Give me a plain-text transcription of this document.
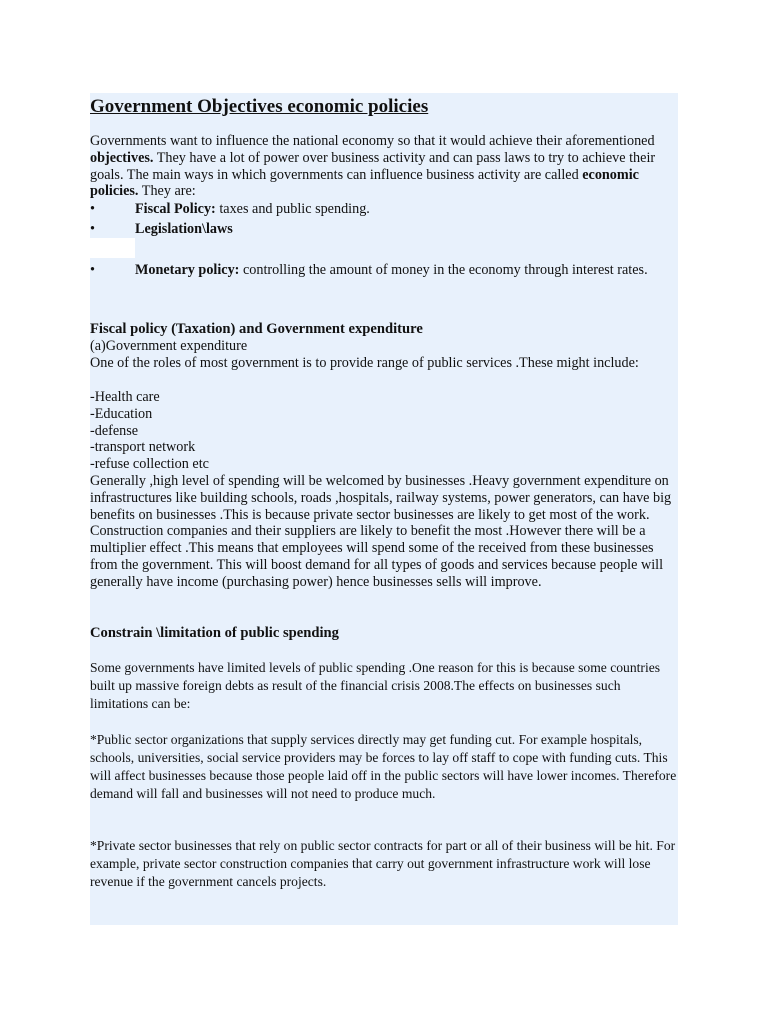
Government Objectives economic policies

Governments want to influence the national economy so that it would achieve their aforementioned objectives. They have a lot of power over business activity and can pass laws to try to achieve their goals. The main ways in which governments can influence business activity are called economic policies. They are:

•	Fiscal Policy: taxes and public spending.

•	Legislation\laws

•	Monetary policy: controlling the amount of money in the economy through interest rates.

Fiscal policy (Taxation) and Government expenditure

(a)Government expenditure

One of the roles of most government is to provide range of public services .These might include:

-Health care
-Education
-defense
-transport network
-refuse collection etc

Generally ,high level of spending will be welcomed by businesses .Heavy government expenditure on infrastructures like building schools, roads ,hospitals, railway systems, power generators, can have big benefits on businesses .This is because private sector businesses are likely to get most of the work. Construction companies and their suppliers are likely to benefit the most .However there will be a multiplier effect .This means that employees will spend some of the received from these businesses from the government. This will boost demand for all types of goods and services because people will generally have income (purchasing power) hence businesses sells will improve.

Constrain \limitation of public spending

Some governments have limited levels of public spending .One reason for this is because some countries built up massive foreign debts as result of the financial crisis 2008.The effects on businesses such limitations can be:

*Public sector organizations that supply services directly may get funding cut. For example hospitals, schools, universities, social service providers may be forces to lay off staff to cope with funding cuts. This will affect businesses because those people laid off in the public sectors will have lower incomes. Therefore demand will fall and businesses will not need to produce much.

*Private sector businesses that rely on public sector contracts for part or all of their business will be hit. For example, private sector construction companies that carry out government infrastructure work will lose revenue if the government cancels projects.
